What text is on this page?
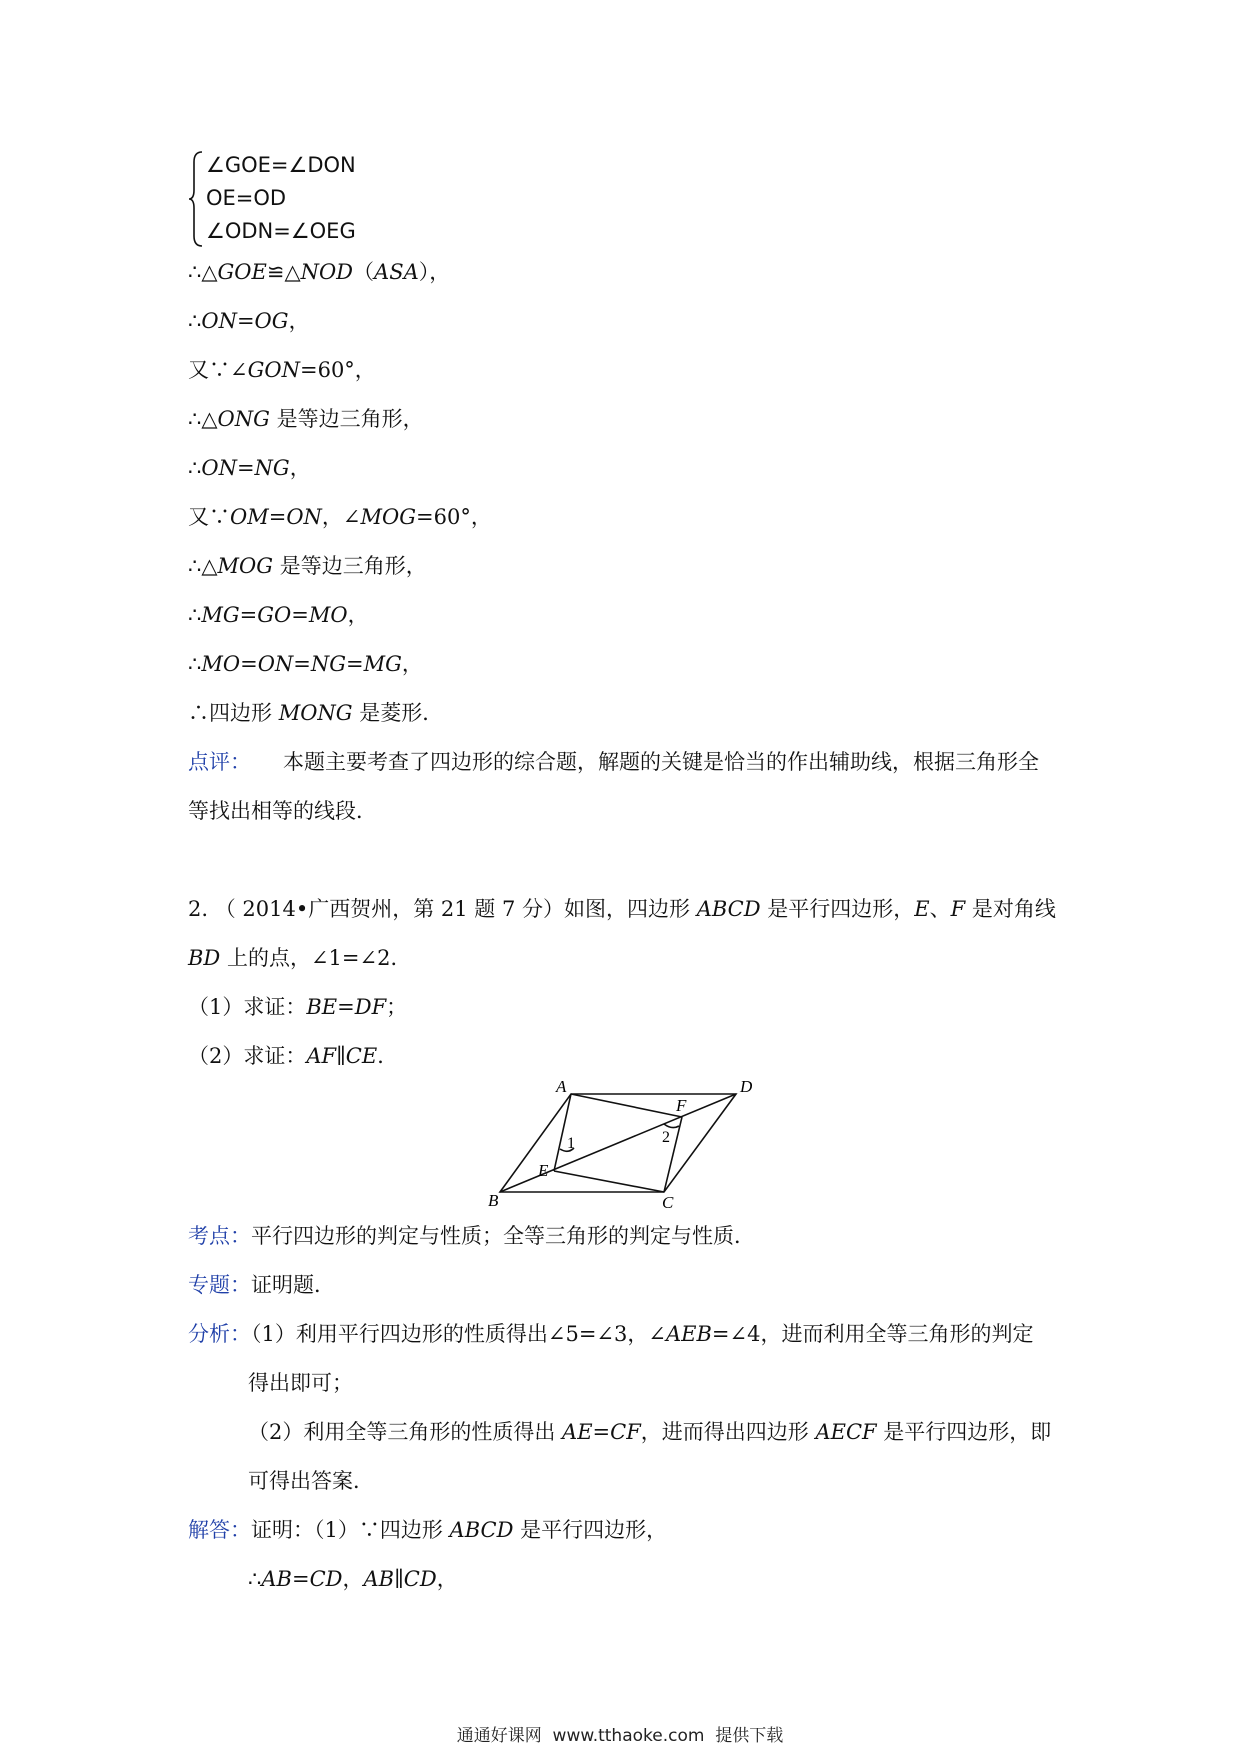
∠GOE=∠DON
OE=OD
∠ODN=∠OEG
∴△GOE≌△NOD（ASA），
∴ON=OG，
又∵∠GON=60°，
∴△ONG 是等边三角形，
∴ON=NG，
又∵OM=ON，∠MOG=60°，
∴△MOG 是等边三角形，
∴MG=GO=MO，
∴MO=ON=NG=MG，
∴四边形 MONG 是菱形．
点评： 本题主要考查了四边形的综合题，解题的关键是恰当的作出辅助线，根据三角形全
等找出相等的线段．
2. （ 2014•广西贺州，第 21 题 7 分）如图，四边形 ABCD 是平行四边形，E、F 是对角线
BD 上的点，∠1=∠2．
（1）求证：BE=DF；
（2）求证：AF∥CE．
A	D
B	C
E
F
1	2
考点：平行四边形的判定与性质；全等三角形的判定与性质．
专题：证明题．
分析：（1）利用平行四边形的性质得出∠5=∠3，∠AEB=∠4，进而利用全等三角形的判定
得出即可；
（2）利用全等三角形的性质得出 AE=CF，进而得出四边形 AECF 是平行四边形，即
可得出答案．
解答：证明：（1）∵四边形 ABCD 是平行四边形，
∴AB=CD，AB∥CD，
通通好课网  www.tthaoke.com  提供下载
